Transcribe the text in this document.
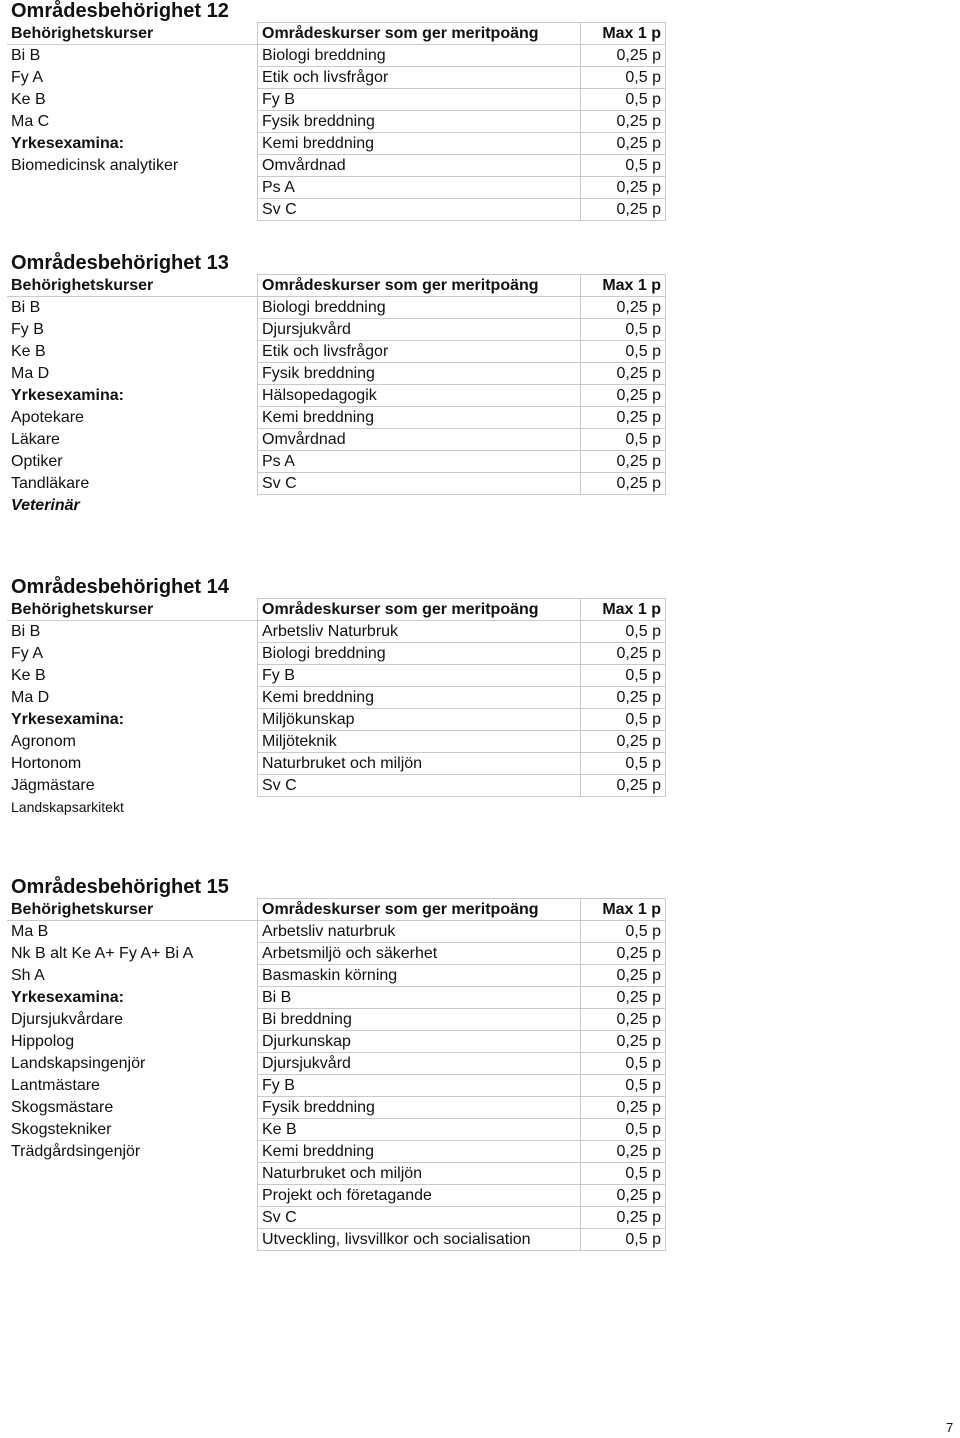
Områdesbehörighet 12
Behörighetskurser	Områdeskurser som ger meritpoäng	Max 1 p
Bi B	Biologi breddning	0,25 p
Fy A	Etik och livsfrågor	0,5 p
Ke B	Fy B	0,5 p
Ma C	Fysik breddning	0,25 p
Yrkesexamina:	Kemi breddning	0,25 p
Biomedicinsk analytiker	Omvårdnad	0,5 p
	Ps A	0,25 p
	Sv C	0,25 p
Områdesbehörighet 13
Behörighetskurser	Områdeskurser som ger meritpoäng	Max 1 p
Bi B	Biologi breddning	0,25 p
Fy B	Djursjukvård	0,5 p
Ke B	Etik och livsfrågor	0,5 p
Ma D	Fysik breddning	0,25 p
Yrkesexamina:	Hälsopedagogik	0,25 p
Apotekare	Kemi breddning	0,25 p
Läkare	Omvårdnad	0,5 p
Optiker	Ps A	0,25 p
Tandläkare	Sv C	0,25 p
Veterinär		
Områdesbehörighet 14
Behörighetskurser	Områdeskurser som ger meritpoäng	Max 1 p
Bi B	Arbetsliv Naturbruk	0,5 p
Fy A	Biologi breddning	0,25 p
Ke B	Fy B	0,5 p
Ma D	Kemi breddning	0,25 p
Yrkesexamina:	Miljökunskap	0,5 p
Agronom	Miljöteknik	0,25 p
Hortonom	Naturbruket och miljön	0,5 p
Jägmästare	Sv C	0,25 p
Landskapsarkitekt		
Områdesbehörighet 15
Behörighetskurser	Områdeskurser som ger meritpoäng	Max 1 p
Ma B	Arbetsliv naturbruk	0,5 p
Nk B alt Ke A+ Fy A+ Bi A	Arbetsmiljö och säkerhet	0,25 p
Sh A	Basmaskin körning	0,25 p
Yrkesexamina:	Bi B	0,25 p
Djursjukvårdare	Bi breddning	0,25 p
Hippolog	Djurkunskap	0,25 p
Landskapsingenjör	Djursjukvård	0,5 p
Lantmästare	Fy B	0,5 p
Skogsmästare	Fysik breddning	0,25 p
Skogstekniker	Ke B	0,5 p
Trädgårdsingenjör	Kemi breddning	0,25 p
	Naturbruket och miljön	0,5 p
	Projekt och företagande	0,25 p
	Sv C	0,25 p
	Utveckling, livsvillkor och socialisation	0,5 p
7
